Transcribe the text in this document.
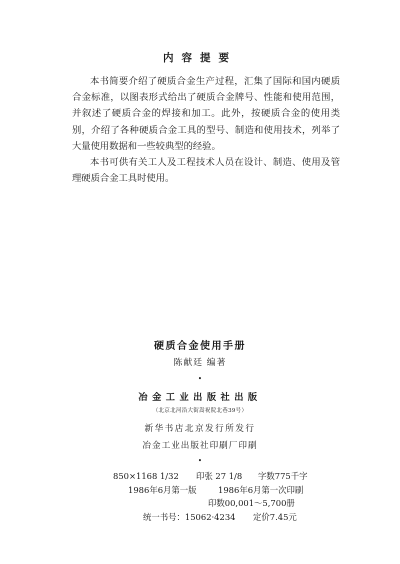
内容提要

本书简要介绍了硬质合金生产过程，汇集了国际和国内硬质合金标准，以图表形式给出了硬质合金牌号、性能和使用范围，并叙述了硬质合金的焊接和加工。此外，按硬质合金的使用类别，介绍了各种硬质合金工具的型号、制造和使用技术，列举了大量使用数据和一些较典型的经验。

本书可供有关工人及工程技术人员在设计、制造、使用及管理硬质合金工具时使用。

硬质合金使用手册
陈献廷 编著
•
冶金工业出版社出版
（北京北河沿大街嵩祝院北巷39号）
新华书店北京发行所发行
冶金工业出版社印刷厂印刷
•
850×1168 1/32 印张 27 1/8 字数775千字
1986年6月第一版	1986年6月第一次印刷
印数00,001～5,700册
统一书号：15062·4234 定价7.45元
